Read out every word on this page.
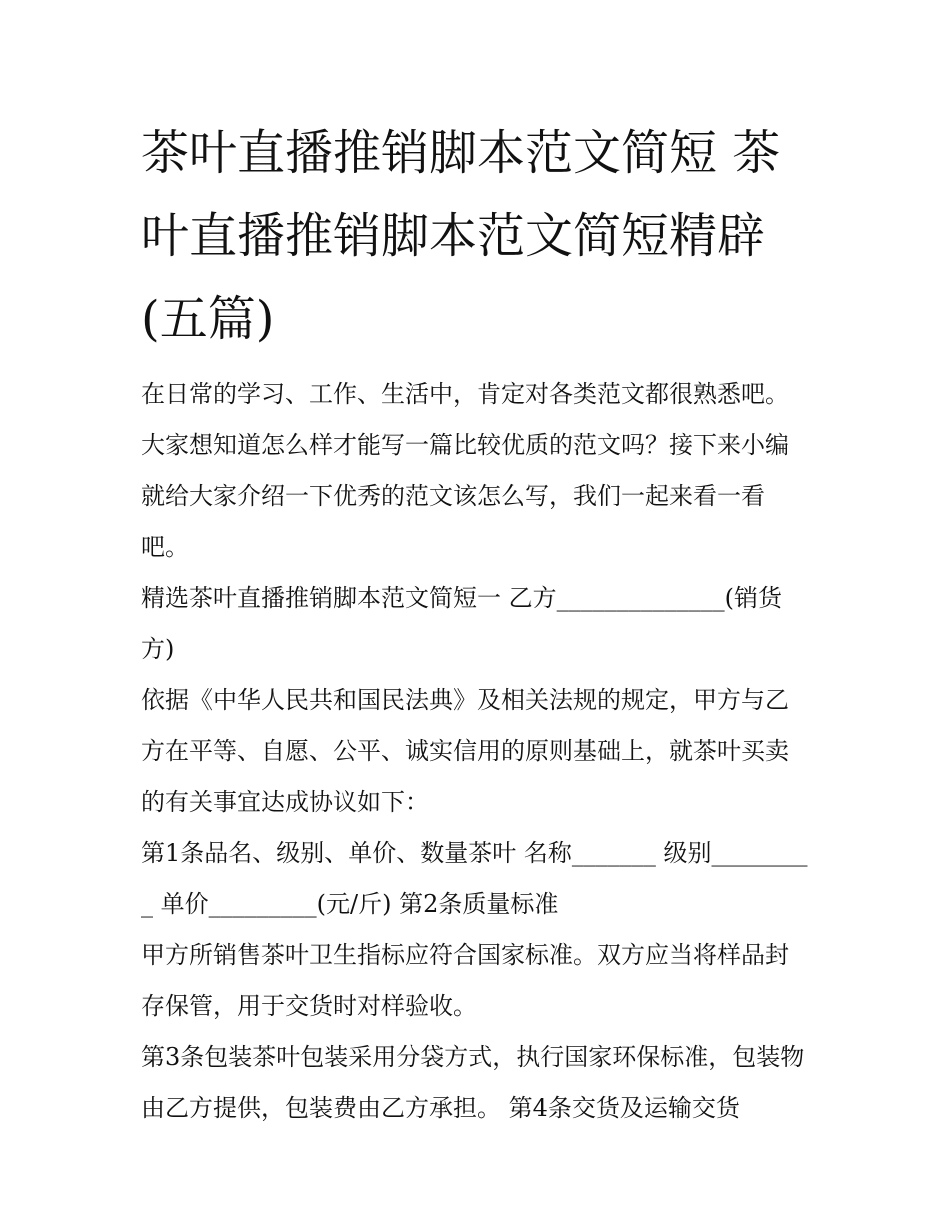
茶叶直播推销脚本范文简短 茶叶直播推销脚本范文简短精辟(五篇)

在日常的学习、工作、生活中，肯定对各类范文都很熟悉吧。大家想知道怎么样才能写一篇比较优质的范文吗？接下来小编就给大家介绍一下优秀的范文该怎么写，我们一起来看一看吧。

精选茶叶直播推销脚本范文简短一 乙方______________(销货方)

依据《中华人民共和国民法典》及相关法规的规定，甲方与乙方在平等、自愿、公平、诚实信用的原则基础上，就茶叶买卖的有关事宜达成协议如下：

第1条品名、级别、单价、数量茶叶 名称_______ 级别_________ 单价_________(元/斤) 第2条质量标准

甲方所销售茶叶卫生指标应符合国家标准。双方应当将样品封存保管，用于交货时对样验收。

第3条包装茶叶包装采用分袋方式，执行国家环保标准，包装物由乙方提供，包装费由乙方承担。 第4条交货及运输交货
